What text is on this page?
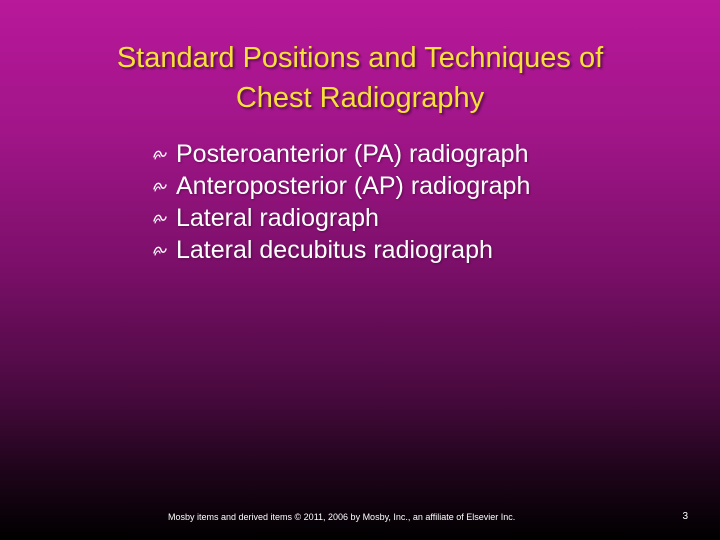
Standard Positions and Techniques of
Chest Radiography
Posteroanterior (PA) radiograph
Anteroposterior (AP) radiograph
Lateral radiograph
Lateral decubitus radiograph
Mosby items and derived items © 2011, 2006 by Mosby, Inc., an affiliate of Elsevier Inc.	3
